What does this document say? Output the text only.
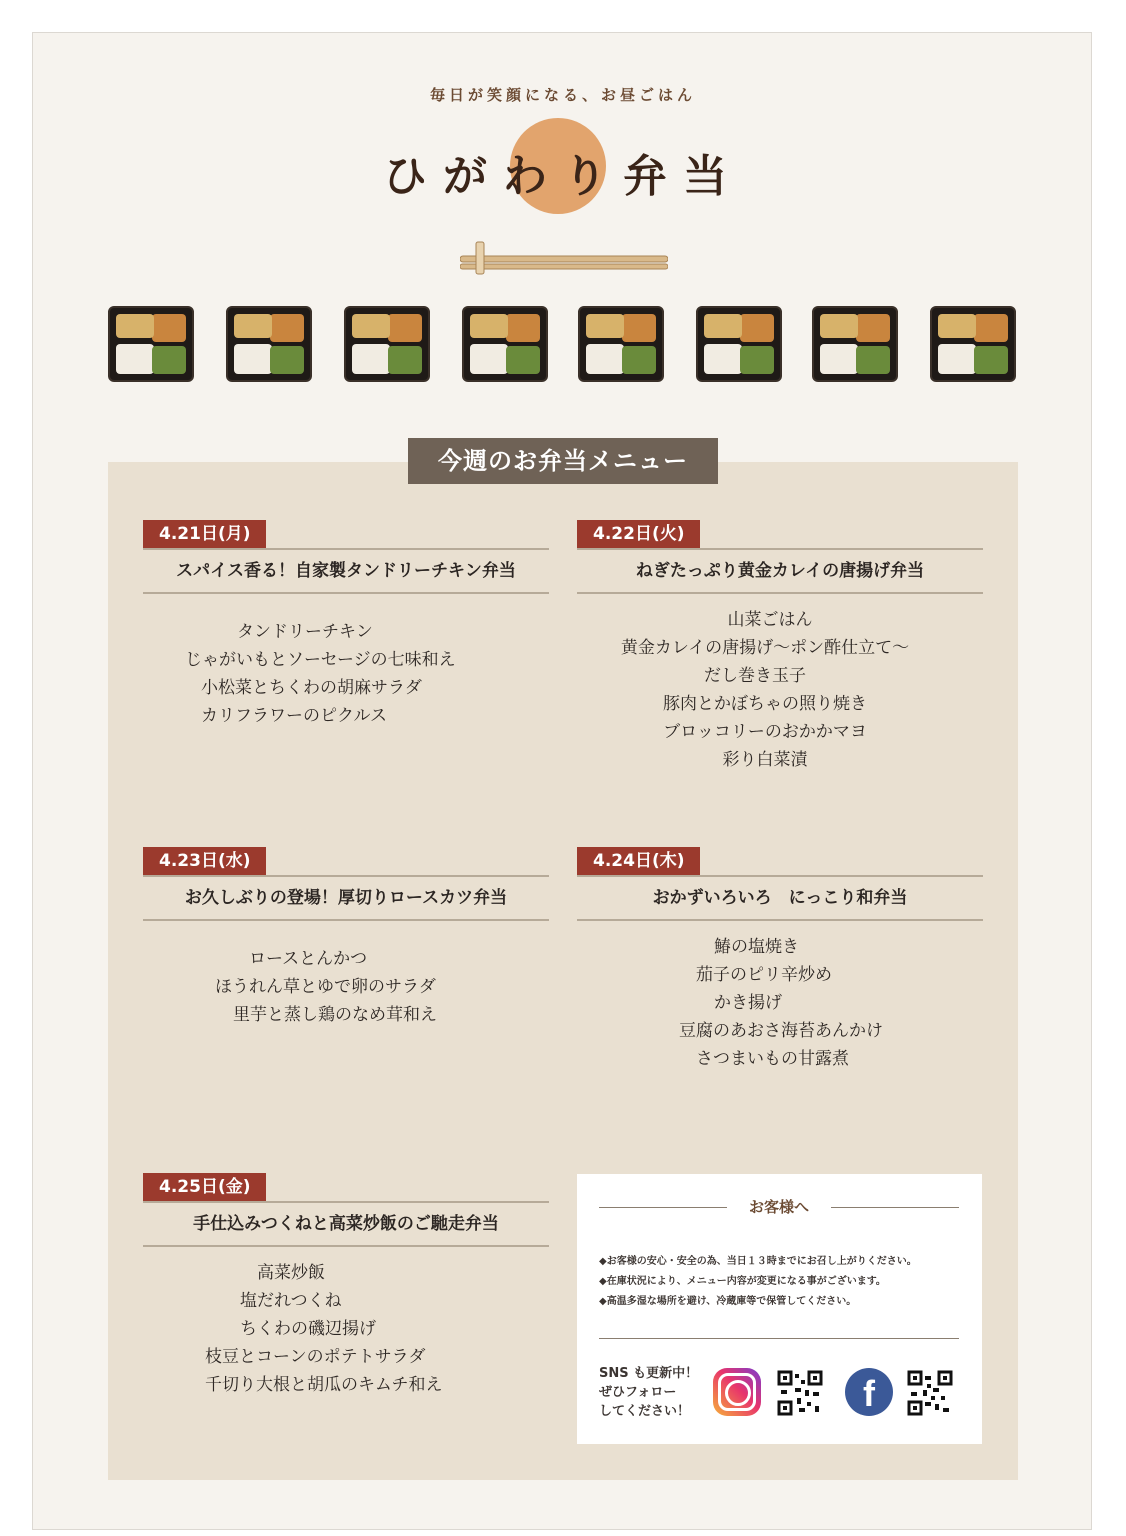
毎日が笑顔になる、お昼ごはん
ひがわり弁当
今週のお弁当メニュー
4.21日(月)
スパイス香る！自家製タンドリーチキン弁当
タンドリーチキン
じゃがいもとソーセージの七味和え
小松菜とちくわの胡麻サラダ
カリフラワーのピクルス
4.22日(火)
ねぎたっぷり黄金カレイの唐揚げ弁当
山菜ごはん
黄金カレイの唐揚げ～ポン酢仕立て～
だし巻き玉子
豚肉とかぼちゃの照り焼き
ブロッコリーのおかかマヨ
彩り白菜漬
4.23日(水)
お久しぶりの登場！厚切りロースカツ弁当
ロースとんかつ
ほうれん草とゆで卵のサラダ
里芋と蒸し鶏のなめ茸和え
4.24日(木)
おかずいろいろ　にっこり和弁当
鰆の塩焼き
茄子のピリ辛炒め
かき揚げ
豆腐のあおさ海苔あんかけ
さつまいもの甘露煮
4.25日(金)
手仕込みつくねと高菜炒飯のご馳走弁当
高菜炒飯
塩だれつくね
ちくわの磯辺揚げ
枝豆とコーンのポテトサラダ
千切り大根と胡瓜のキムチ和え
お客様へ
◆お客様の安心・安全の為、当日１３時までにお召し上がりください。
◆在庫状況により、メニュー内容が変更になる事がございます。
◆高温多湿な場所を避け、冷蔵庫等で保管してください。
SNS も更新中！
ぜひフォロー
してください！	f
